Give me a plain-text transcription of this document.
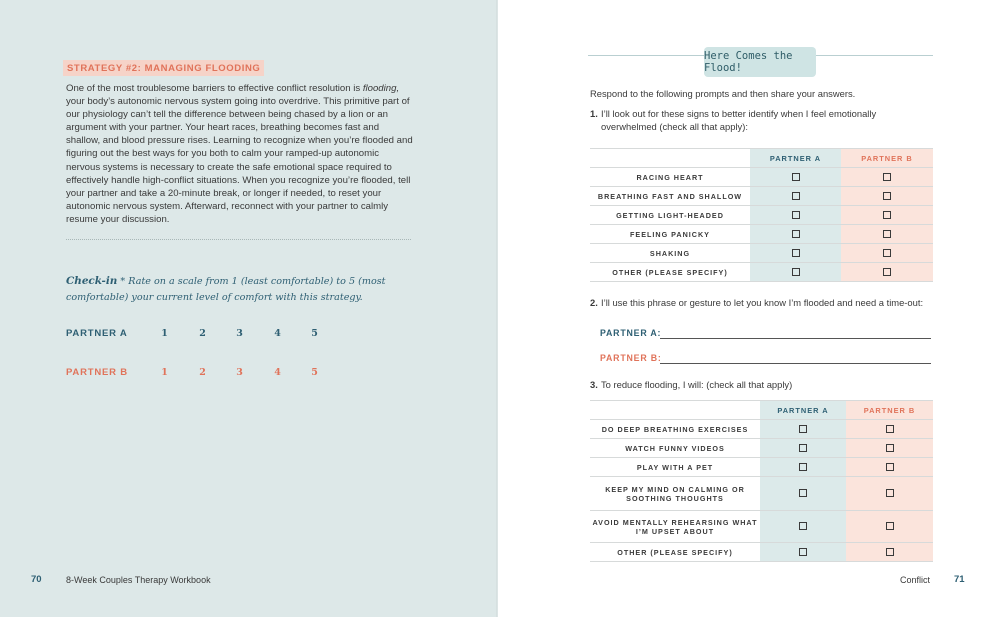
STRATEGY #2: MANAGING FLOODING

One of the most troublesome barriers to effective conflict resolution is flooding, your body’s autonomic nervous system going into overdrive. This primitive part of our physiology can’t tell the difference between being chased by a lion or an argument with your partner. Your heart races, breathing becomes fast and shallow, and blood pressure rises. Learning to recognize when you’re flooded and figuring out the best ways for you both to calm your ramped-up autonomic nervous systems is necessary to create the safe emotional space required to effectively handle high-conflict situations. When you recognize you’re flooded, tell your partner and take a 20-minute break, or longer if needed, to reset your autonomic nervous system. Afterward, reconnect with your partner to calmly resume your discussion.

Check-in * Rate on a scale from 1 (least comfortable) to 5 (most comfortable) your current level of comfort with this strategy.

PARTNER A	1	2	3	4	5
PARTNER B	1	2	3	4	5
70	8-Week Couples Therapy Workbook
Here Comes the Flood!
Respond to the following prompts and then share your answers.
1. I’ll look out for these signs to better identify when I feel emotionally overwhelmed (check all that apply):
	PARTNER A	PARTNER B
RACING HEART		
BREATHING FAST AND SHALLOW		
GETTING LIGHT-HEADED		
FEELING PANICKY		
SHAKING		
OTHER (PLEASE SPECIFY)		
2. I’ll use this phrase or gesture to let you know I’m flooded and need a time-out:
PARTNER A:
PARTNER B:
3. To reduce flooding, I will: (check all that apply)
	PARTNER A	PARTNER B
DO DEEP BREATHING EXERCISES		
WATCH FUNNY VIDEOS		
PLAY WITH A PET		
KEEP MY MIND ON CALMING OR SOOTHING THOUGHTS		
AVOID MENTALLY REHEARSING WHAT I’M UPSET ABOUT		
OTHER (PLEASE SPECIFY)		
Conflict	71
